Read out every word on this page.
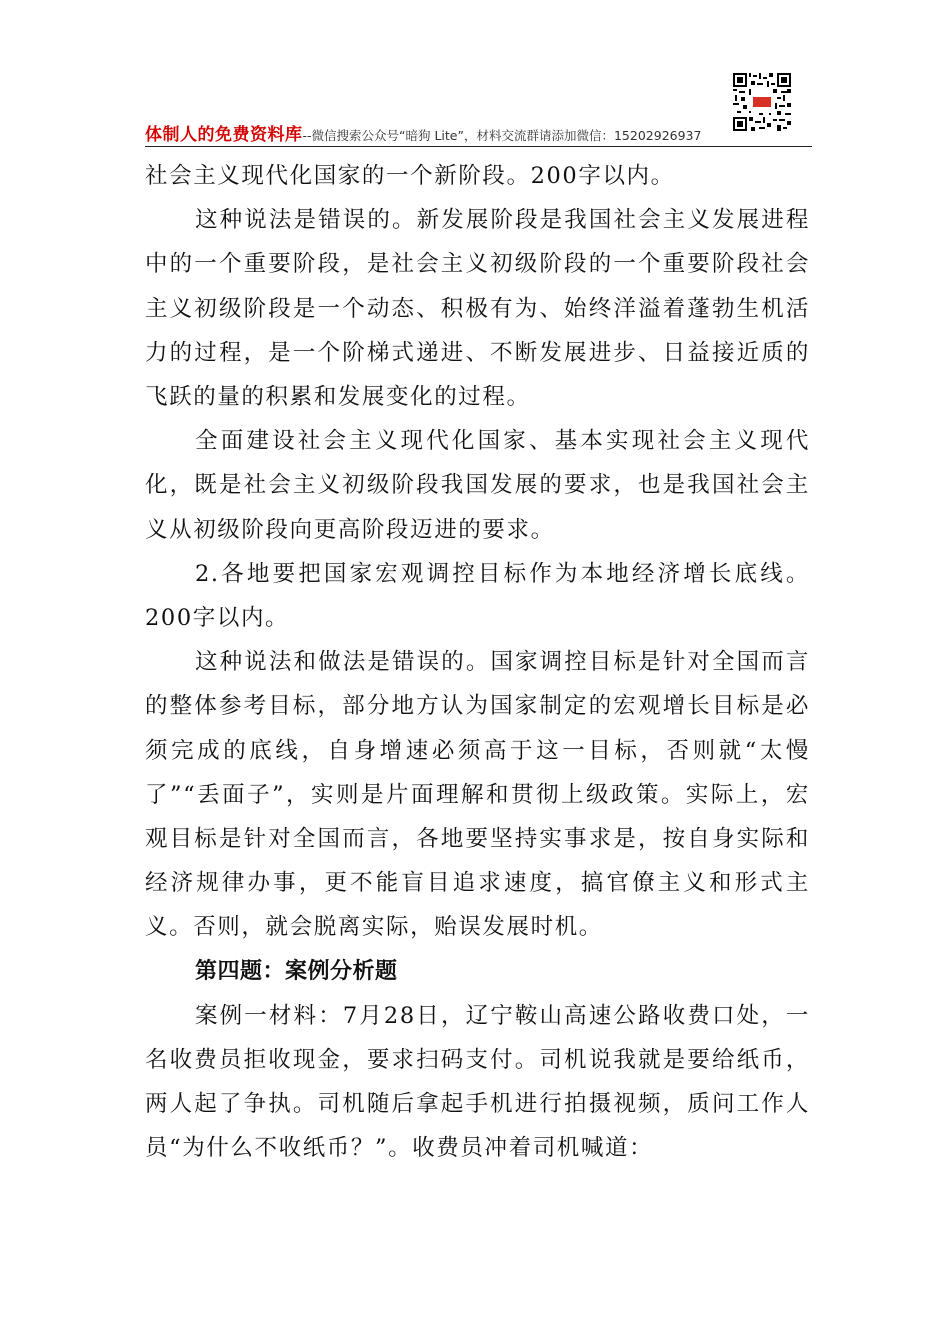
体制人的免费资料库--微信搜索公众号“暗狗 Lite”，材料交流群请添加微信：15202926937

社会主义现代化国家的一个新阶段。200字以内。

这种说法是错误的。新发展阶段是我国社会主义发展进程中的一个重要阶段，是社会主义初级阶段的一个重要阶段社会主义初级阶段是一个动态、积极有为、始终洋溢着蓬勃生机活力的过程，是一个阶梯式递进、不断发展进步、日益接近质的飞跃的量的积累和发展变化的过程。

全面建设社会主义现代化国家、基本实现社会主义现代化，既是社会主义初级阶段我国发展的要求，也是我国社会主义从初级阶段向更高阶段迈进的要求。

2.各地要把国家宏观调控目标作为本地经济增长底线。200字以内。

这种说法和做法是错误的。国家调控目标是针对全国而言的整体参考目标，部分地方认为国家制定的宏观增长目标是必须完成的底线，自身增速必须高于这一目标，否则就“太慢了”“丢面子”，实则是片面理解和贯彻上级政策。实际上，宏观目标是针对全国而言，各地要坚持实事求是，按自身实际和经济规律办事，更不能盲目追求速度，搞官僚主义和形式主义。否则，就会脱离实际，贻误发展时机。

第四题：案例分析题

案例一材料：7月28日，辽宁鞍山高速公路收费口处，一名收费员拒收现金，要求扫码支付。司机说我就是要给纸币，两人起了争执。司机随后拿起手机进行拍摄视频，质问工作人员“为什么不收纸币？”。收费员冲着司机喊道：
